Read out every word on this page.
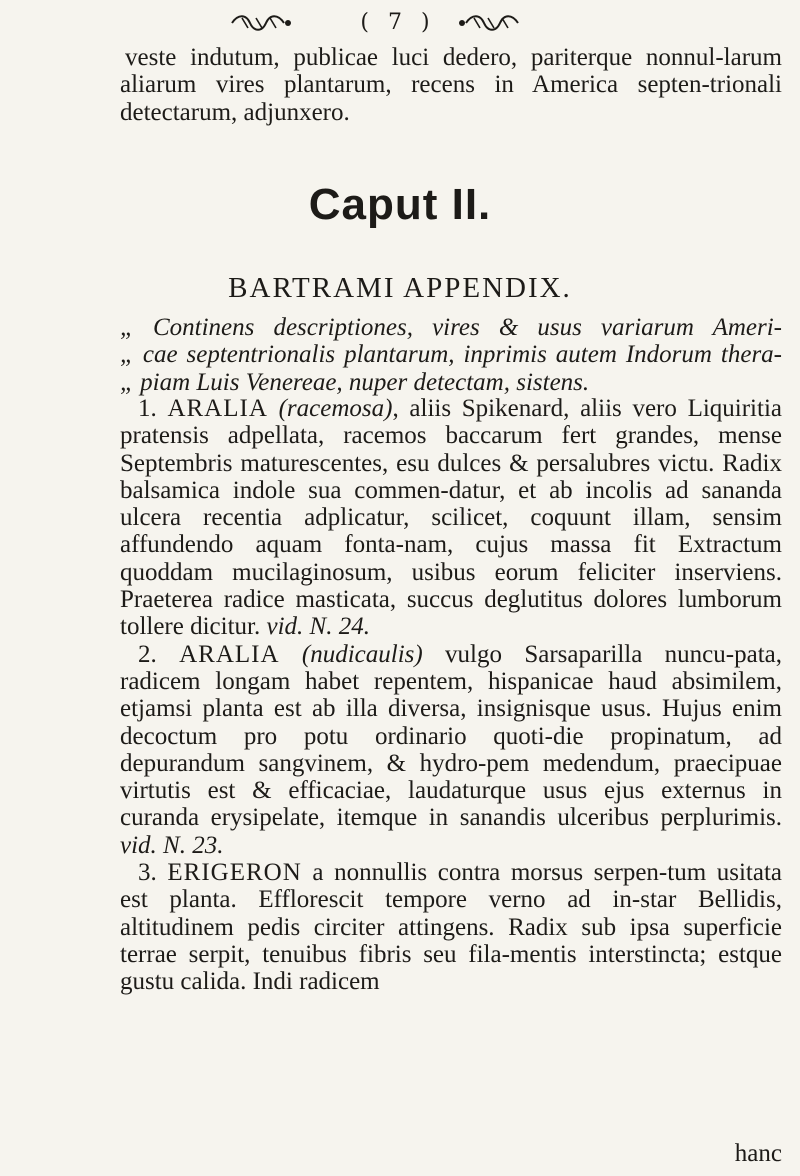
( 7 )

veste indutum, publicae luci dedero, pariterque nonnul-larum aliarum vires plantarum, recens in America septen-trionali detectarum, adjunxero.

Caput II.
BARTRAMI APPENDIX.
„ Continens descriptiones, vires & usus variarum Ameri-
„ cae septentrionalis plantarum, inprimis autem Indorum thera-
„ piam Luis Venereae, nuper detectam, sistens.

1. ARALIA (racemosa), aliis Spikenard, aliis vero Liquiritia pratensis adpellata, racemos baccarum fert grandes, mense Septembris maturescentes, esu dulces & persalubres victu. Radix balsamica indole sua commen-datur, et ab incolis ad sananda ulcera recentia adplicatur, scilicet, coquunt illam, sensim affundendo aquam fonta-nam, cujus massa fit Extractum quoddam mucilaginosum, usibus eorum feliciter inserviens. Praeterea radice masticata, succus deglutitus dolores lumborum tollere dicitur. vid. N. 24.

2. ARALIA (nudicaulis) vulgo Sarsaparilla nuncu-pata, radicem longam habet repentem, hispanicae haud absimilem, etjamsi planta est ab illa diversa, insignisque usus. Hujus enim decoctum pro potu ordinario quoti-die propinatum, ad depurandum sangvinem, & hydro-pem medendum, praecipuae virtutis est & efficaciae, laudaturque usus ejus externus in curanda erysipelate, itemque in sanandis ulceribus perplurimis. vid. N. 23.

3. ERIGERON a nonnullis contra morsus serpen-tum usitata est planta. Efflorescit tempore verno ad in-star Bellidis, altitudinem pedis circiter attingens. Radix sub ipsa superficie terrae serpit, tenuibus fibris seu fila-mentis interstincta; estque gustu calida. Indi radicem

hanc
